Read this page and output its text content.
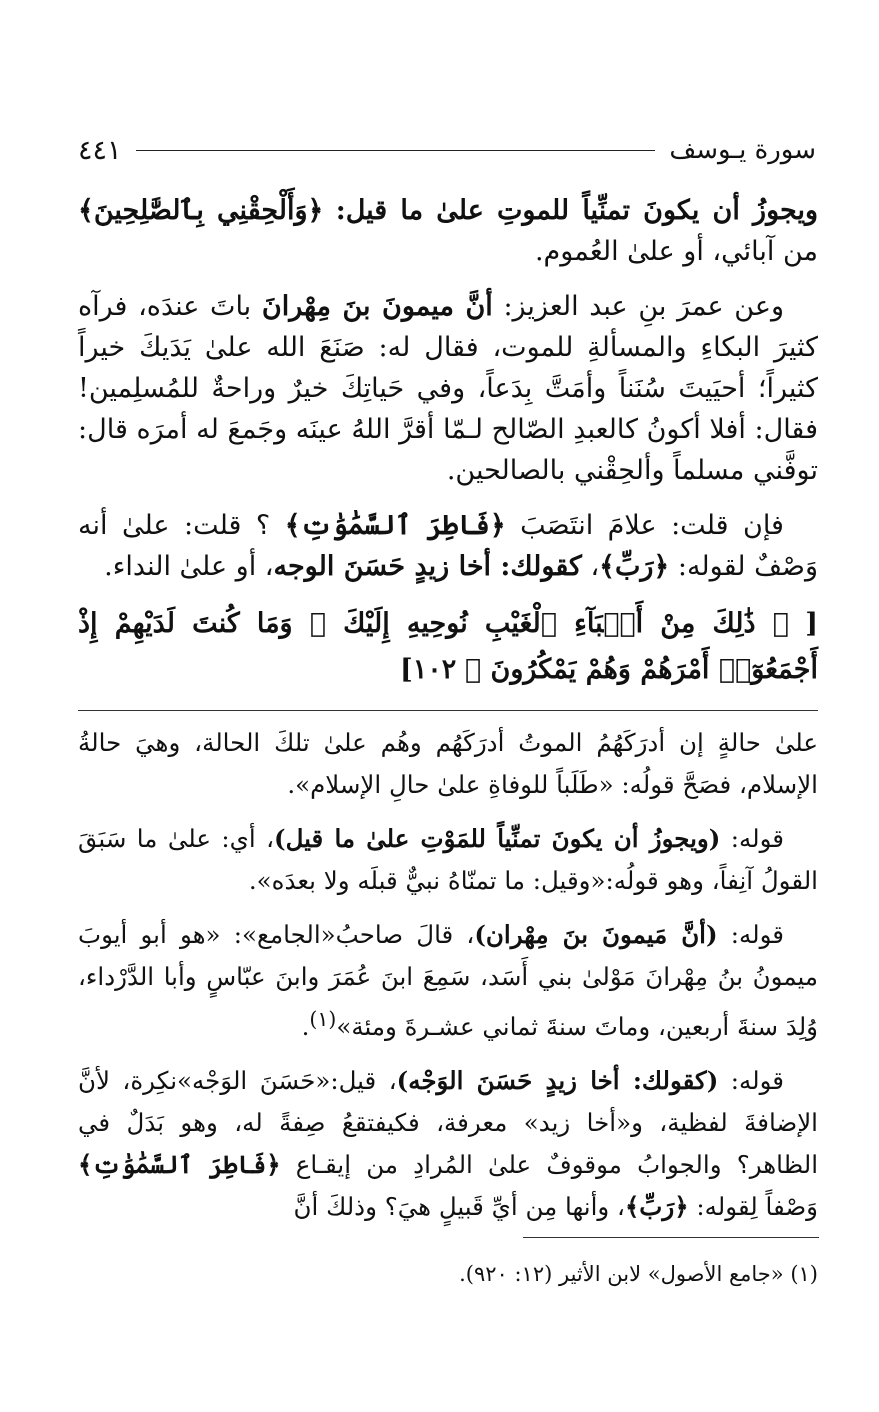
سورة يـوسف
٤٤١

ويجوزُ أن يكونَ تمنِّياً للموتِ علىٰ ما قيل: ﴿وَأَلْحِقْنِي بِٱلصَّٰلِحِينَ﴾ من آبائي، أو علىٰ العُموم.

وعن عمرَ بنِ عبد العزيز: أنَّ ميمونَ بنَ مِهْرانَ باتَ عندَه، فرآه كثيرَ البكاءِ والمسألةِ للموت، فقال له: صَنَعَ الله علىٰ يَدَيكَ خيراً كثيراً؛ أحيَيتَ سُنَناً وأمَتَّ بِدَعاً، وفي حَياتِكَ خيرٌ وراحةٌ للمُسلِمين! فقال: أفلا أكونُ كالعبدِ الصّالح لـمّا أقرَّ اللهُ عينَه وجَمعَ له أمرَه قال: توفَّني مسلماً وألحِقْني بالصالحين.

فإن قلت: علامَ انتَصَبَ ﴿فَاطِرَ ٱلسَّمَٰوَٰتِ﴾ ؟ قلت: علىٰ أنه وَصْفٌ لقوله: ﴿رَبِّ﴾، كقولك: أخا زيدٍ حَسَنَ الوجه، أو علىٰ النداء.

[ ﴿ ذَٰلِكَ مِنْ أَنۢبَآءِ ٱلْغَيْبِ نُوحِيهِ إِلَيْكَ ۖ وَمَا كُنتَ لَدَيْهِمْ إِذْ أَجْمَعُوٓا۟ أَمْرَهُمْ وَهُمْ يَمْكُرُونَ ﴾ ١٠٢]

علىٰ حالةٍ إن أدرَكَهُمُ الموتُ أدرَكَهُم وهُم علىٰ تلكَ الحالة، وهيَ حالةُ الإسلام، فصَحَّ قولُه: «طَلَباً للوفاةِ علىٰ حالِ الإسلام».

قوله: (ويجوزُ أن يكونَ تمنِّياً للمَوْتِ علىٰ ما قيل)، أي: علىٰ ما سَبَقَ القولُ آنِفاً، وهو قولُه:«وقيل: ما تمنّاهُ نبيٌّ قبلَه ولا بعدَه».

قوله: (أنَّ مَيمونَ بنَ مِهْران)، قالَ صاحبُ«الجامع»: «هو أبو أيوبَ ميمونُ بنُ مِهْرانَ مَوْلىٰ بني أَسَد، سَمِعَ ابنَ عُمَرَ وابنَ عبّاسٍ وأبا الدَّرْداء، وُلِدَ سنةَ أربعين، وماتَ سنةَ ثماني عشـرةَ ومئة»$^{(١)}$.

قوله: (كقولك: أخا زيدٍ حَسَنَ الوَجْه)، قيل:«حَسَنَ الوَجْه»نكِرة، لأنَّ الإضافةَ لفظية، و«أخا زيد» معرفة، فكيفتقعُ صِفةً له، وهو بَدَلٌ في الظاهر؟ والجوابُ موقوفٌ علىٰ المُرادِ من إيقـاع ﴿فَاطِرَ ٱلسَّمَٰوَٰتِ﴾ وَصْفاً لِقوله: ﴿رَبِّ﴾، وأنها مِن أيِّ قَبيلٍ هيَ؟ وذلكَ أنَّ

(١) «جامع الأصول» لابن الأثير (١٢: ٩٢٠).
